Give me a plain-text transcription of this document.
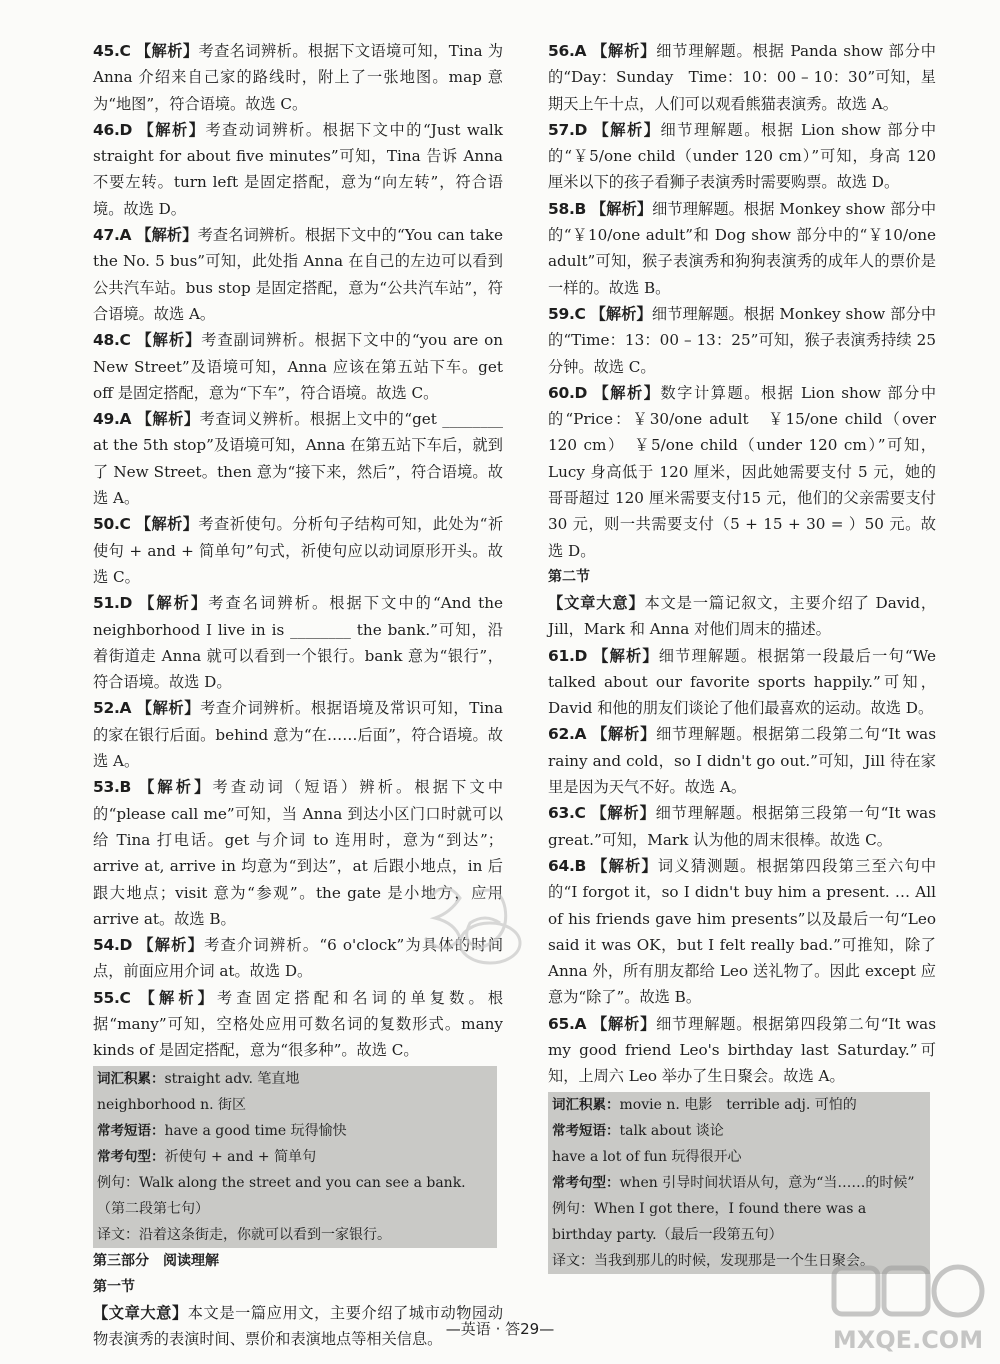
45.C 【解析】考查名词辨析。根据下文语境可知，Tina 为 Anna 介绍来自己家的路线时，附上了一张地图。map 意为“地图”，符合语境。故选 C。

46.D 【解析】考查动词辨析。根据下文中的“Just walk straight for about five minutes”可知，Tina 告诉 Anna 不要左转。turn left 是固定搭配，意为“向左转”，符合语境。故选 D。

47.A 【解析】考查名词辨析。根据下文中的“You can take the No. 5 bus”可知，此处指 Anna 在自己的左边可以看到公共汽车站。bus stop 是固定搭配，意为“公共汽车站”，符合语境。故选 A。

48.C 【解析】考查副词辨析。根据下文中的“you are on New Street”及语境可知，Anna 应该在第五站下车。get off 是固定搭配，意为“下车”，符合语境。故选 C。

49.A 【解析】考查词义辨析。根据上文中的“get ________ at the 5th stop”及语境可知，Anna 在第五站下车后，就到了 New Street。then 意为“接下来，然后”，符合语境。故选 A。

50.C 【解析】考查祈使句。分析句子结构可知，此处为“祈使句 + and + 简单句”句式，祈使句应以动词原形开头。故选 C。

51.D 【解析】考查名词辨析。根据下文中的“And the neighborhood I live in is ________ the bank.”可知，沿着街道走 Anna 就可以看到一个银行。bank 意为“银行”，符合语境。故选 D。

52.A 【解析】考查介词辨析。根据语境及常识可知，Tina 的家在银行后面。behind 意为“在……后面”，符合语境。故选 A。

53.B 【解析】考查动词（短语）辨析。根据下文中的“please call me”可知，当 Anna 到达小区门口时就可以给 Tina 打电话。get 与介词 to 连用时，意为“到达”；arrive at, arrive in 均意为“到达”，at 后跟小地点，in 后跟大地点；visit 意为“参观”。the gate 是小地方，应用 arrive at。故选 B。

54.D 【解析】考查介词辨析。“6 o'clock”为具体的时间点，前面应用介词 at。故选 D。

55.C 【解析】考查固定搭配和名词的单复数。根据“many”可知，空格处应用可数名词的复数形式。many kinds of 是固定搭配，意为“很多种”。故选 C。

词汇积累：straight adv. 笔直地

neighborhood n. 街区

常考短语：have a good time 玩得愉快

常考句型：祈使句 + and + 简单句

例句：Walk along the street and you can see a bank.（第二段第七句）

译文：沿着这条街走，你就可以看到一家银行。

第三部分　阅读理解

第一节

【文章大意】本文是一篇应用文，主要介绍了城市动物园动物表演秀的表演时间、票价和表演地点等相关信息。

56.A 【解析】细节理解题。根据 Panda show 部分中的“Day：Sunday　Time：10：00 – 10：30”可知，星期天上午十点，人们可以观看熊猫表演秀。故选 A。

57.D 【解析】细节理解题。根据 Lion show 部分中的“￥5/one child（under 120 cm）”可知，身高 120 厘米以下的孩子看狮子表演秀时需要购票。故选 D。

58.B 【解析】细节理解题。根据 Monkey show 部分中的“￥10/one adult”和 Dog show 部分中的“￥10/one adult”可知，猴子表演秀和狗狗表演秀的成年人的票价是一样的。故选 B。

59.C 【解析】细节理解题。根据 Monkey show 部分中的“Time：13：00 – 13：25”可知，猴子表演秀持续 25 分钟。故选 C。

60.D 【解析】数字计算题。根据 Lion show 部分中的“Price：￥30/one adult　￥15/one child（over 120 cm）　￥5/one child（under 120 cm）”可知，Lucy 身高低于 120 厘米，因此她需要支付 5 元，她的哥哥超过 120 厘米需要支付15 元，他们的父亲需要支付 30 元，则一共需要支付（5 + 15 + 30 = ）50 元。故选 D。

第二节

【文章大意】本文是一篇记叙文，主要介绍了 David，Jill，Mark 和 Anna 对他们周末的描述。

61.D 【解析】细节理解题。根据第一段最后一句“We talked about our favorite sports happily.”可知，David 和他的朋友们谈论了他们最喜欢的运动。故选 D。

62.A 【解析】细节理解题。根据第二段第二句“It was rainy and cold，so I didn't go out.”可知，Jill 待在家里是因为天气不好。故选 A。

63.C 【解析】细节理解题。根据第三段第一句“It was great.”可知，Mark 认为他的周末很棒。故选 C。

64.B 【解析】词义猜测题。根据第四段第三至六句中的“I forgot it，so I didn't buy him a present. … All of his friends gave him presents”以及最后一句“Leo said it was OK，but I felt really bad.”可推知，除了 Anna 外，所有朋友都给 Leo 送礼物了。因此 except 应意为“除了”。故选 B。

65.A 【解析】细节理解题。根据第四段第二句“It was my good friend Leo's birthday last Saturday.”可知，上周六 Leo 举办了生日聚会。故选 A。

词汇积累：movie n. 电影　terrible adj. 可怕的

常考短语：talk about 谈论

have a lot of fun 玩得很开心

常考句型：when 引导时间状语从句，意为“当……的时候”

例句：When I got there，I found there was a birthday party.（最后一段第五句）

译文：当我到那儿的时候，发现那是一个生日聚会。

MXQE.COM
—英语 · 答29—
